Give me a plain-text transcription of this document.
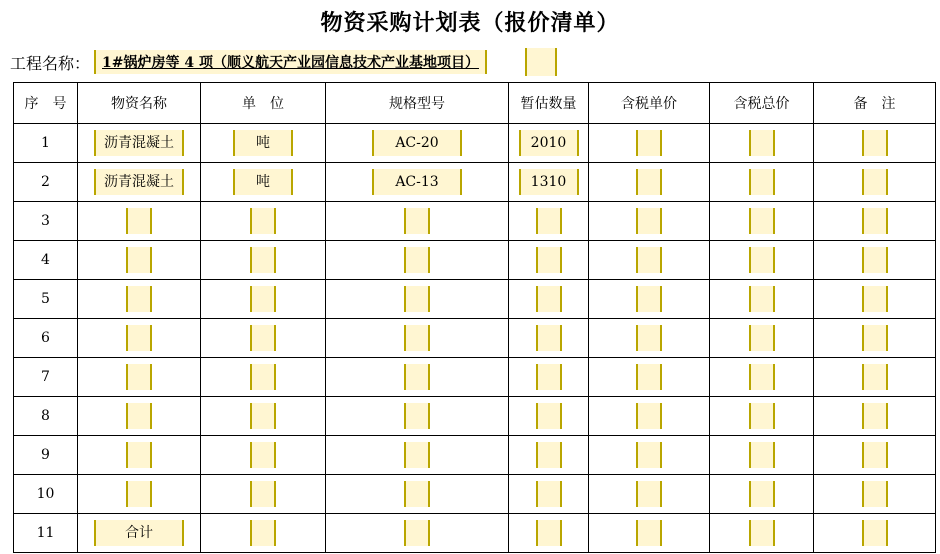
物资采购计划表（报价清单）
工程名称： 1#锅炉房等 4 项（顺义航天产业园信息技术产业基地项目）
序　号	物资名称	单　位	规格型号	暂估数量	含税单价	含税总价	备　注
1	沥青混凝土	吨	AC-20	2010			
2	沥青混凝土	吨	AC-13	1310			
3							
4							
5							
6							
7							
8							
9							
10							
11	合计						
